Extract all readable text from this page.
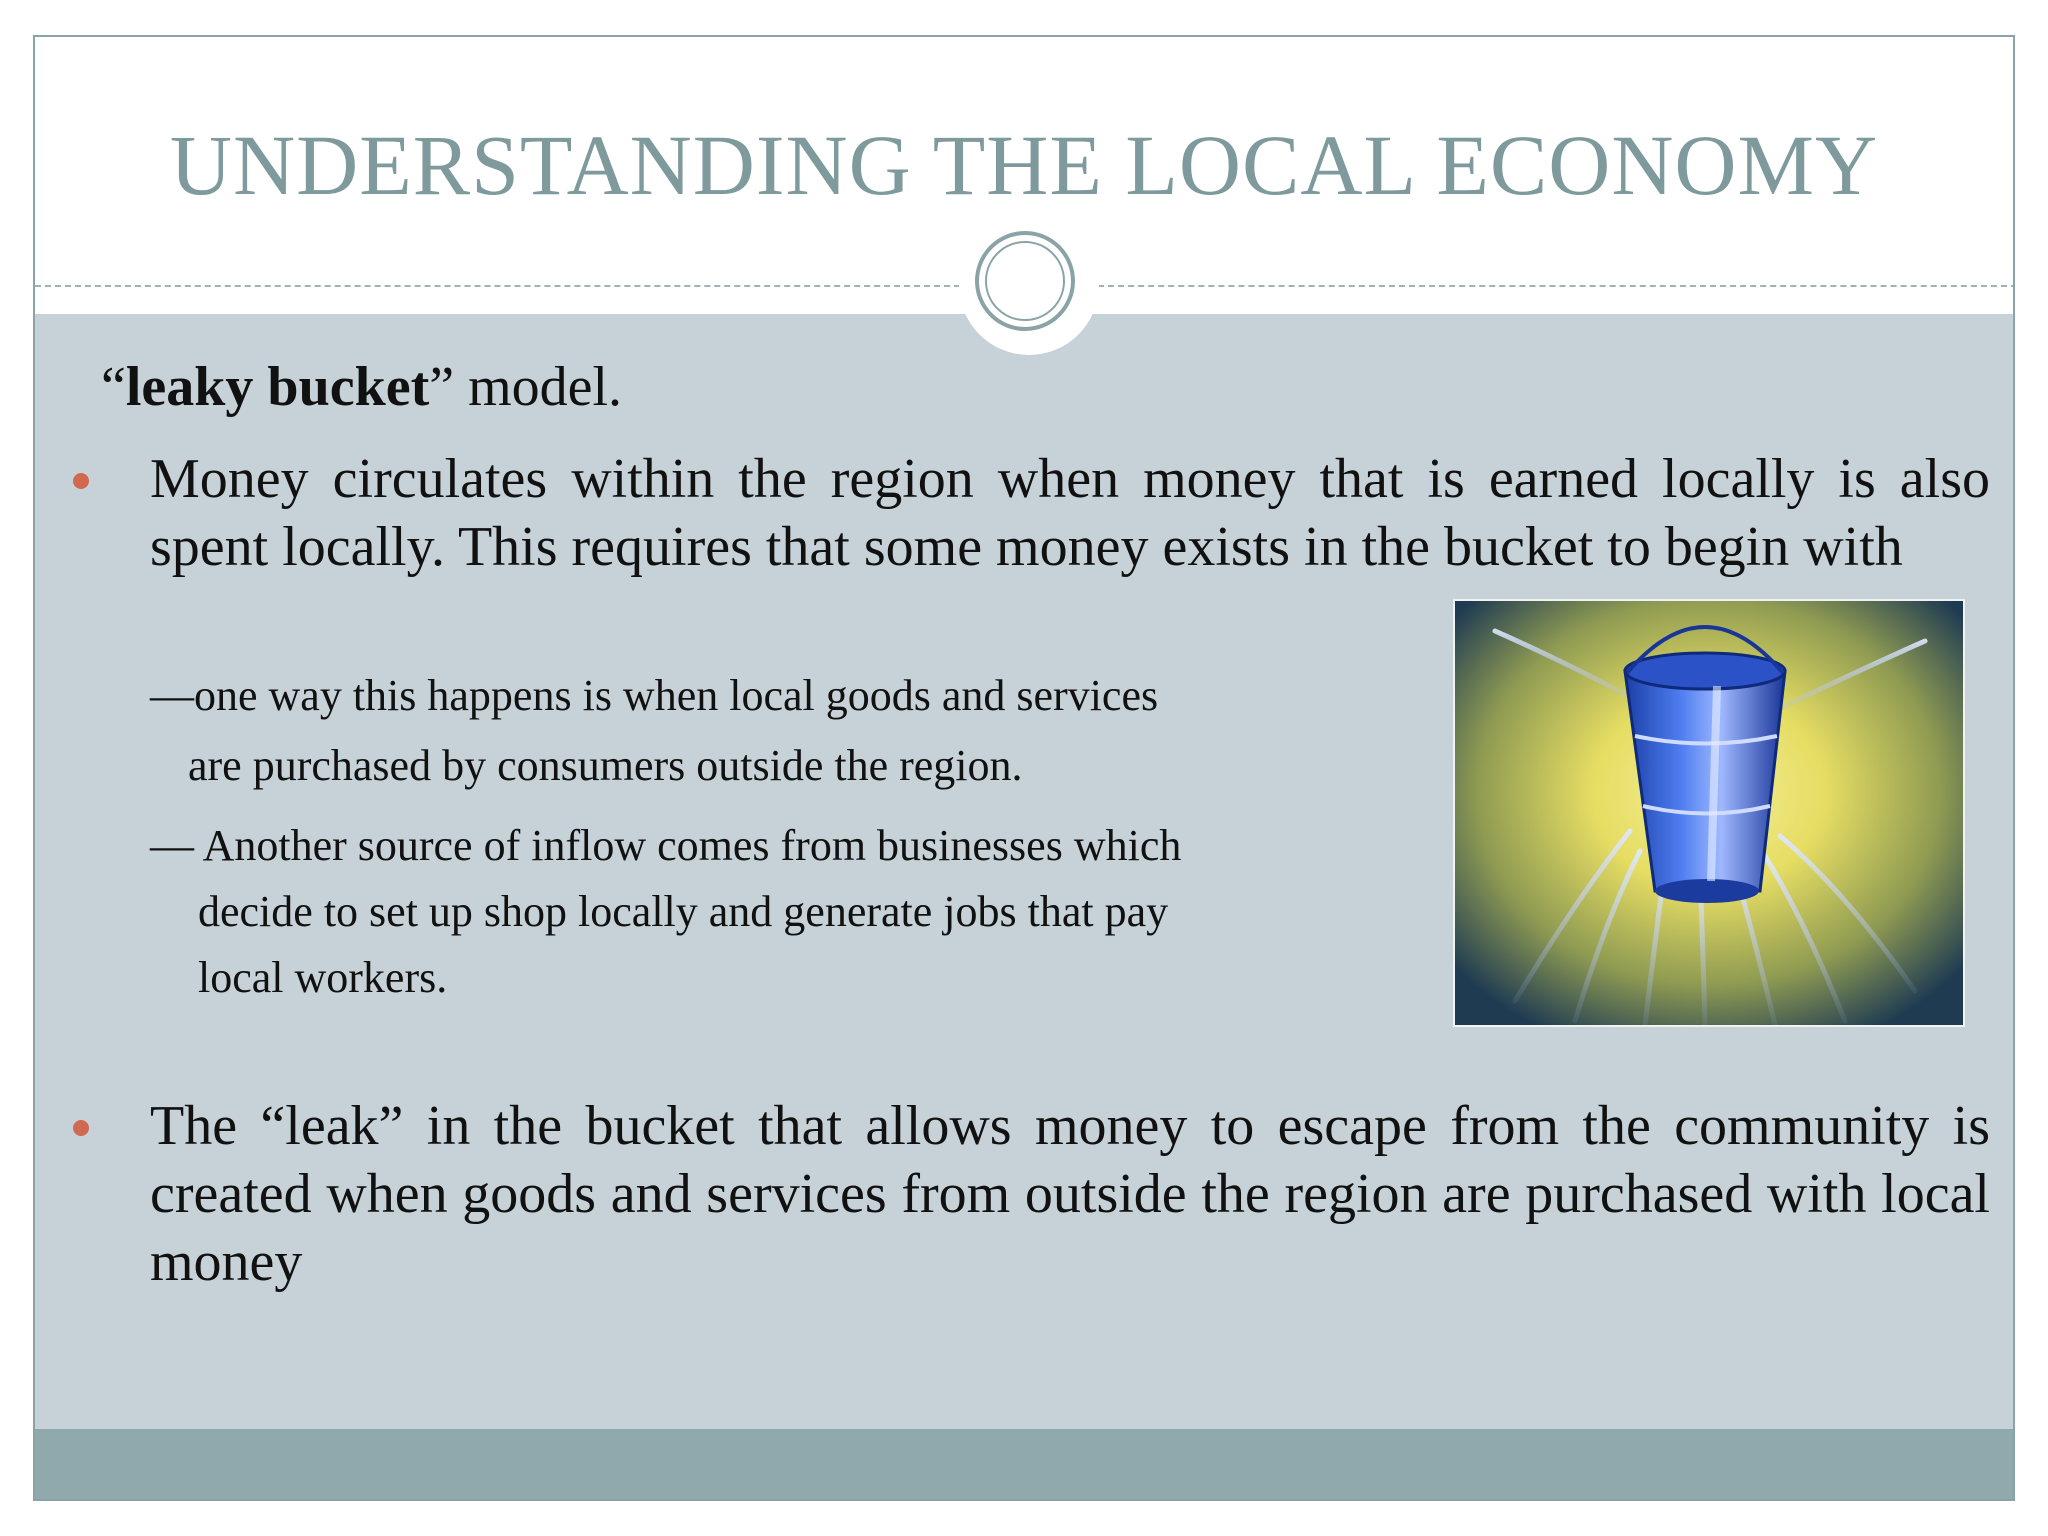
UNDERSTANDING THE LOCAL ECONOMY
“leaky bucket” model.
Money circulates within the region when money that is earned locally is also spent locally. This requires that some money exists in the bucket to begin with
—one way this happens is when local goods and services
are purchased by consumers outside the region.
— Another source of inflow comes from businesses which
decide to set up shop locally and generate jobs that pay
local workers.
The “leak” in the bucket that allows money to escape from the community is created when goods and services from outside the region are purchased with local money
